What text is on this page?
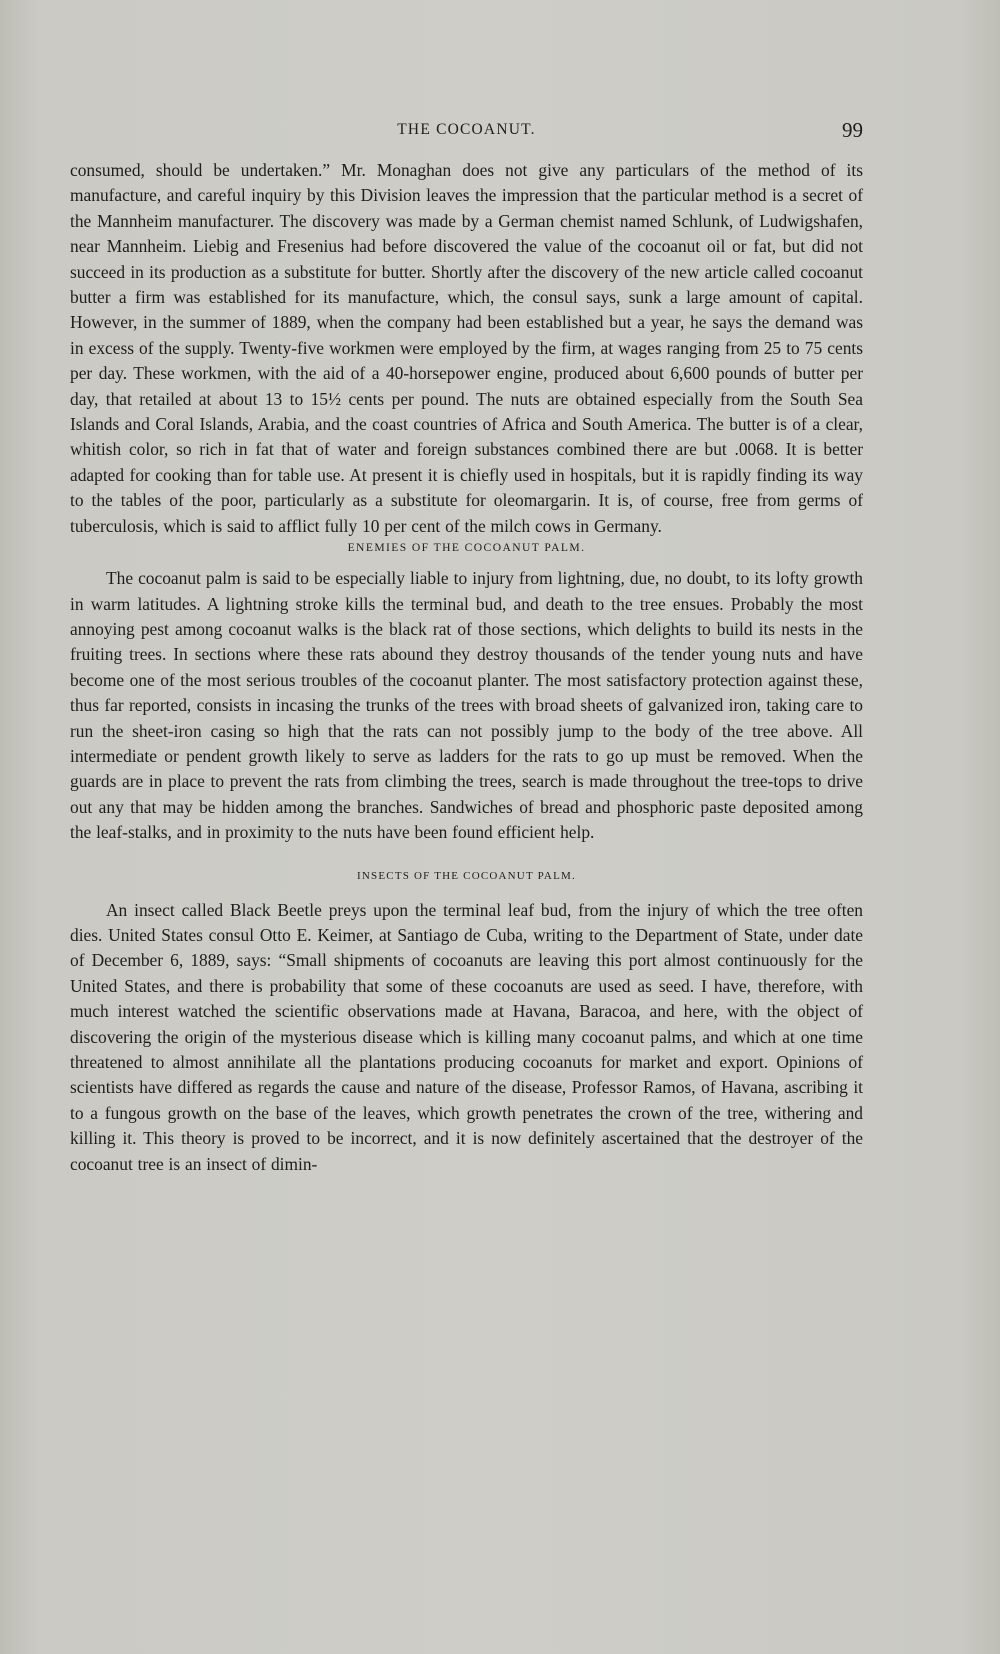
THE COCOANUT.	99

consumed, should be undertaken.” Mr. Monaghan does not give any particulars of the method of its manufacture, and careful inquiry by this Division leaves the impression that the particular method is a secret of the Mannheim manufacturer. The discovery was made by a German chemist named Schlunk, of Ludwigshafen, near Mannheim. Liebig and Fresenius had before discovered the value of the cocoanut oil or fat, but did not succeed in its production as a substitute for butter. Shortly after the discovery of the new article called cocoanut butter a firm was established for its manufacture, which, the consul says, sunk a large amount of capital. However, in the summer of 1889, when the company had been established but a year, he says the demand was in excess of the supply. Twenty-five workmen were employed by the firm, at wages ranging from 25 to 75 cents per day. These workmen, with the aid of a 40-horsepower engine, produced about 6,600 pounds of butter per day, that retailed at about 13 to 15½ cents per pound. The nuts are obtained especially from the South Sea Islands and Coral Islands, Arabia, and the coast countries of Africa and South America. The butter is of a clear, whitish color, so rich in fat that of water and foreign substances combined there are but .0068. It is better adapted for cooking than for table use. At present it is chiefly used in hospitals, but it is rapidly finding its way to the tables of the poor, particularly as a substitute for oleomargarin. It is, of course, free from germs of tuberculosis, which is said to afflict fully 10 per cent of the milch cows in Germany.

ENEMIES OF THE COCOANUT PALM.

The cocoanut palm is said to be especially liable to injury from lightning, due, no doubt, to its lofty growth in warm latitudes. A lightning stroke kills the terminal bud, and death to the tree ensues. Probably the most annoying pest among cocoanut walks is the black rat of those sections, which delights to build its nests in the fruiting trees. In sections where these rats abound they destroy thousands of the tender young nuts and have become one of the most serious troubles of the cocoanut planter. The most satisfactory protection against these, thus far reported, consists in incasing the trunks of the trees with broad sheets of galvanized iron, taking care to run the sheet-iron casing so high that the rats can not possibly jump to the body of the tree above. All intermediate or pendent growth likely to serve as ladders for the rats to go up must be removed. When the guards are in place to prevent the rats from climbing the trees, search is made throughout the tree-tops to drive out any that may be hidden among the branches. Sandwiches of bread and phosphoric paste deposited among the leaf-stalks, and in proximity to the nuts have been found efficient help.

INSECTS OF THE COCOANUT PALM.

An insect called Black Beetle preys upon the terminal leaf bud, from the injury of which the tree often dies. United States consul Otto E. Keimer, at Santiago de Cuba, writing to the Department of State, under date of December 6, 1889, says: “Small shipments of cocoanuts are leaving this port almost continuously for the United States, and there is probability that some of these cocoanuts are used as seed. I have, therefore, with much interest watched the scientific observations made at Havana, Baracoa, and here, with the object of discovering the origin of the mysterious disease which is killing many cocoanut palms, and which at one time threatened to almost annihilate all the plantations producing cocoanuts for market and export. Opinions of scientists have differed as regards the cause and nature of the disease, Professor Ramos, of Havana, ascribing it to a fungous growth on the base of the leaves, which growth penetrates the crown of the tree, withering and killing it. This theory is proved to be incorrect, and it is now definitely ascertained that the destroyer of the cocoanut tree is an insect of dimin-
